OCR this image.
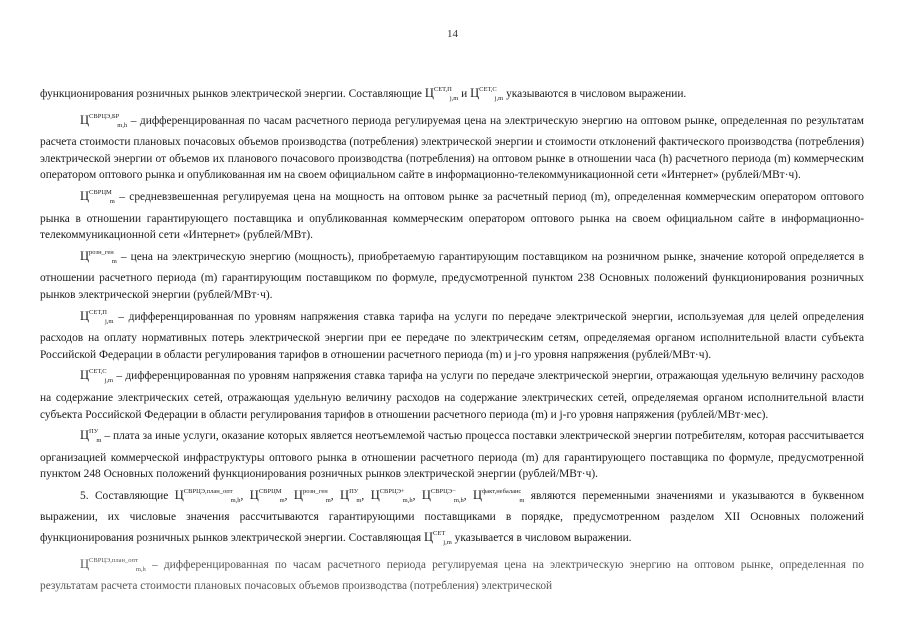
14

функционирования розничных рынков электрической энергии. Составляющие $Ц^{СЕТ,П}_{j,m}$ и $Ц^{СЕТ,С}_{j,m}$ указываются в числовом выражении.

$Ц^{СВРЦЭ,БР}_{m,h}$ – дифференцированная по часам расчетного периода регулируемая цена на электрическую энергию на оптовом рынке, определенная по результатам расчета стоимости плановых почасовых объемов производства (потребления) электрической энергии и стоимости отклонений фактического производства (потребления) электрической энергии от объемов их планового почасового производства (потребления) на оптовом рынке в отношении часа (h) расчетного периода (m) коммерческим оператором оптового рынка и опубликованная им на своем официальном сайте в информационно-телекоммуникационной сети «Интернет» (рублей/МВт·ч).

$Ц^{СВРЦМ}_m$ – средневзвешенная регулируемая цена на мощность на оптовом рынке за расчетный период (m), определенная коммерческим оператором оптового рынка в отношении гарантирующего поставщика и опубликованная коммерческим оператором оптового рынка на своем официальном сайте в информационно-телекоммуникационной сети «Интернет» (рублей/МВт).

$Ц^{розн\_ген}_m$ – цена на электрическую энергию (мощность), приобретаемую гарантирующим поставщиком на розничном рынке, значение которой определяется в отношении расчетного периода (m) гарантирующим поставщиком по формуле, предусмотренной пунктом 238 Основных положений функционирования розничных рынков электрической энергии (рублей/МВт·ч).

$Ц^{СЕТ,П}_{j,m}$ – дифференцированная по уровням напряжения ставка тарифа на услуги по передаче электрической энергии, используемая для целей определения расходов на оплату нормативных потерь электрической энергии при ее передаче по электрическим сетям, определяемая органом исполнительной власти субъекта Российской Федерации в области регулирования тарифов в отношении расчетного периода (m) и j-го уровня напряжения (рублей/МВт·ч).

$Ц^{СЕТ,С}_{j,m}$ – дифференцированная по уровням напряжения ставка тарифа на услуги по передаче электрической энергии, отражающая удельную величину расходов на содержание электрических сетей, отражающая удельную величину расходов на содержание электрических сетей, определяемая органом исполнительной власти субъекта Российской Федерации в области регулирования тарифов в отношении расчетного периода (m) и j-го уровня напряжения (рублей/МВт·мес).

$Ц^{ПУ}_m$ – плата за иные услуги, оказание которых является неотъемлемой частью процесса поставки электрической энергии потребителям, которая рассчитывается организацией коммерческой инфраструктуры оптового рынка в отношении расчетного периода (m) для гарантирующего поставщика по формуле, предусмотренной пунктом 248 Основных положений функционирования розничных рынков электрической энергии (рублей/МВт·ч).

5. Составляющие $Ц^{СВРЦЭ,план\_опт}_{m,h}$, $Ц^{СВРЦМ}_m$, $Ц^{розн\_ген}_m$, $Ц^{ПУ}_m$, $Ц^{СВРЦЭ+}_{m,h}$, $Ц^{СВРЦЭ-}_{m,h}$, $Ц^{факт,небаланс}_m$ являются переменными значениями и указываются в буквенном выражении, их числовые значения рассчитываются гарантирующими поставщиками в порядке, предусмотренном разделом XII Основных положений функционирования розничных рынков электрической энергии. Составляющая $Ц^{СЕТ}_{j,m}$ указывается в числовом выражении.

$Ц^{СВРЦЭ,план\_опт}_{m,h}$ – дифференцированная по часам расчетного периода регулируемая цена на электрическую энергию на оптовом рынке, определенная по результатам расчета стоимости плановых почасовых объемов производства (потребления) электрической
